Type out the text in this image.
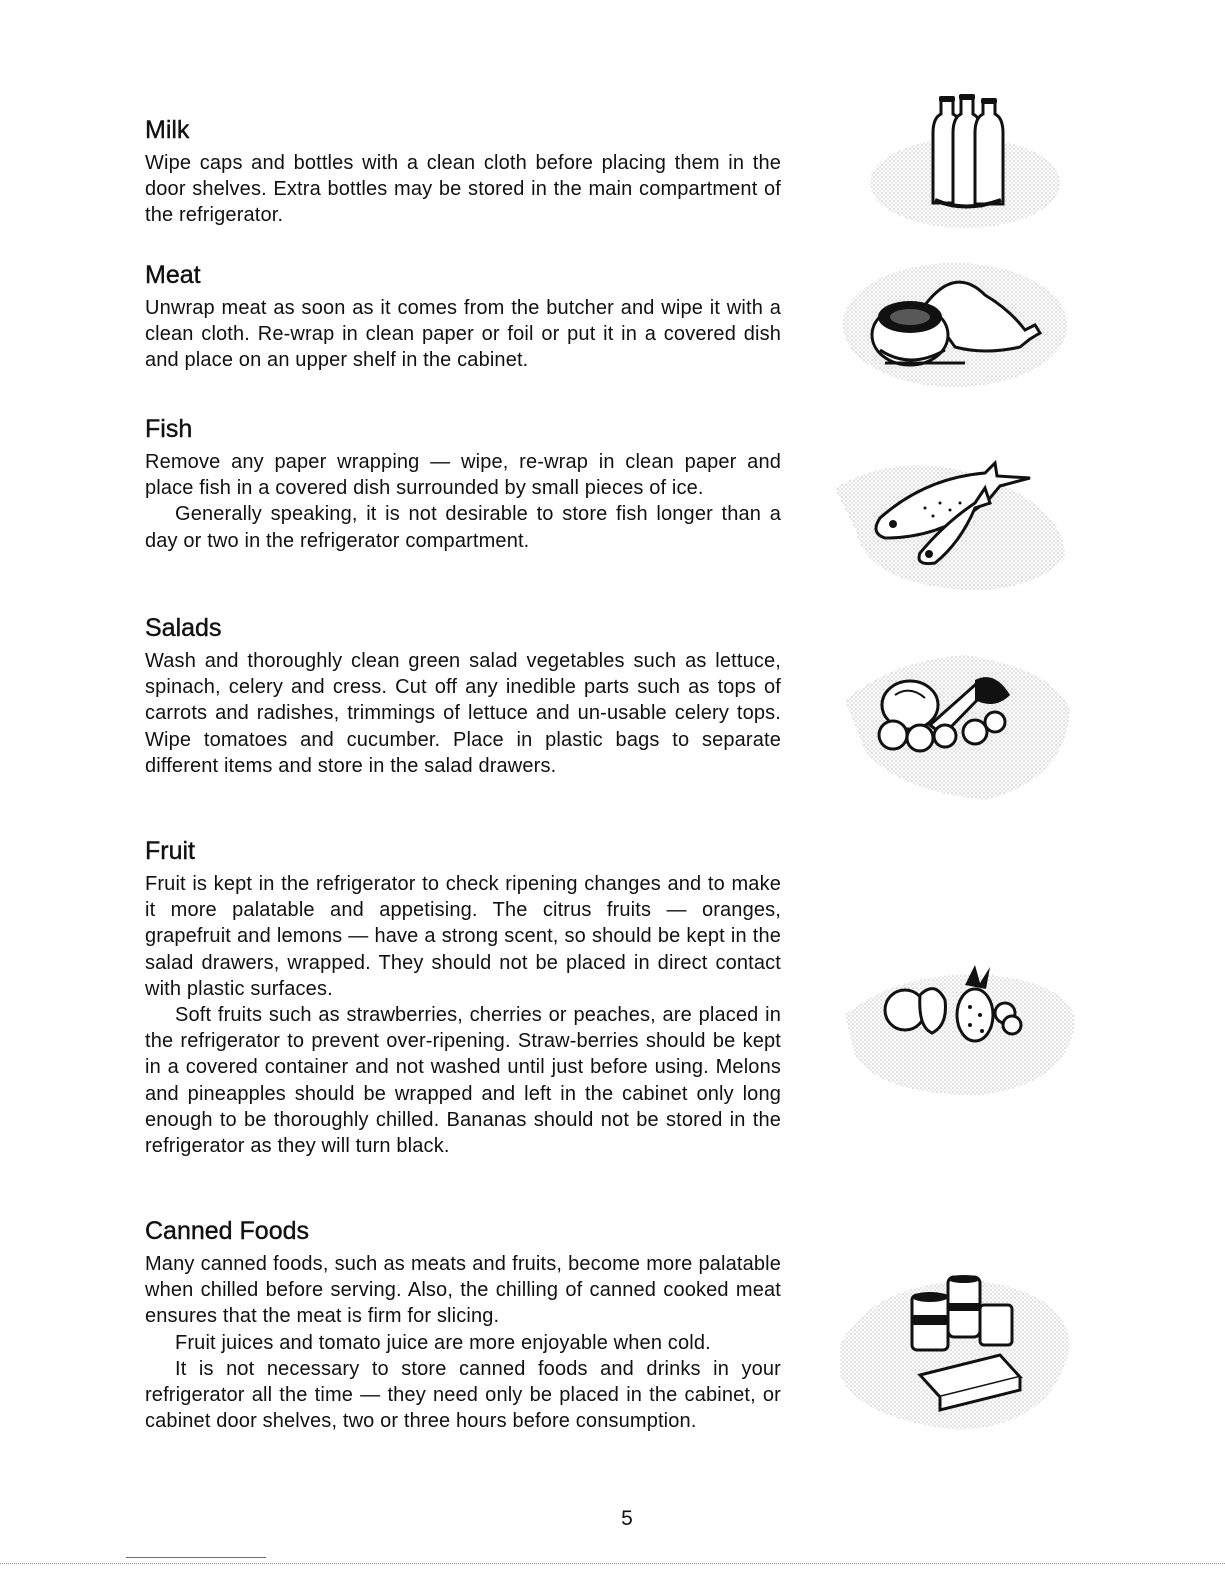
Milk

Wipe caps and bottles with a clean cloth before placing them in the door shelves. Extra bottles may be stored in the main compartment of the refrigerator.

Meat

Unwrap meat as soon as it comes from the butcher and wipe it with a clean cloth. Re-wrap in clean paper or foil or put it in a covered dish and place on an upper shelf in the cabinet.

Fish

Remove any paper wrapping — wipe, re-wrap in clean paper and place fish in a covered dish surrounded by small pieces of ice.

Generally speaking, it is not desirable to store fish longer than a day or two in the refrigerator compartment.

Salads

Wash and thoroughly clean green salad vegetables such as lettuce, spinach, celery and cress. Cut off any inedible parts such as tops of carrots and radishes, trimmings of lettuce and un-usable celery tops. Wipe tomatoes and cucumber. Place in plastic bags to separate different items and store in the salad drawers.

Fruit

Fruit is kept in the refrigerator to check ripening changes and to make it more palatable and appetising. The citrus fruits — oranges, grapefruit and lemons — have a strong scent, so should be kept in the salad drawers, wrapped. They should not be placed in direct contact with plastic surfaces.

Soft fruits such as strawberries, cherries or peaches, are placed in the refrigerator to prevent over-ripening. Straw-berries should be kept in a covered container and not washed until just before using. Melons and pineapples should be wrapped and left in the cabinet only long enough to be thoroughly chilled. Bananas should not be stored in the refrigerator as they will turn black.

Canned Foods

Many canned foods, such as meats and fruits, become more palatable when chilled before serving. Also, the chilling of canned cooked meat ensures that the meat is firm for slicing.

Fruit juices and tomato juice are more enjoyable when cold.

It is not necessary to store canned foods and drinks in your refrigerator all the time — they need only be placed in the cabinet, or cabinet door shelves, two or three hours before consumption.

5
